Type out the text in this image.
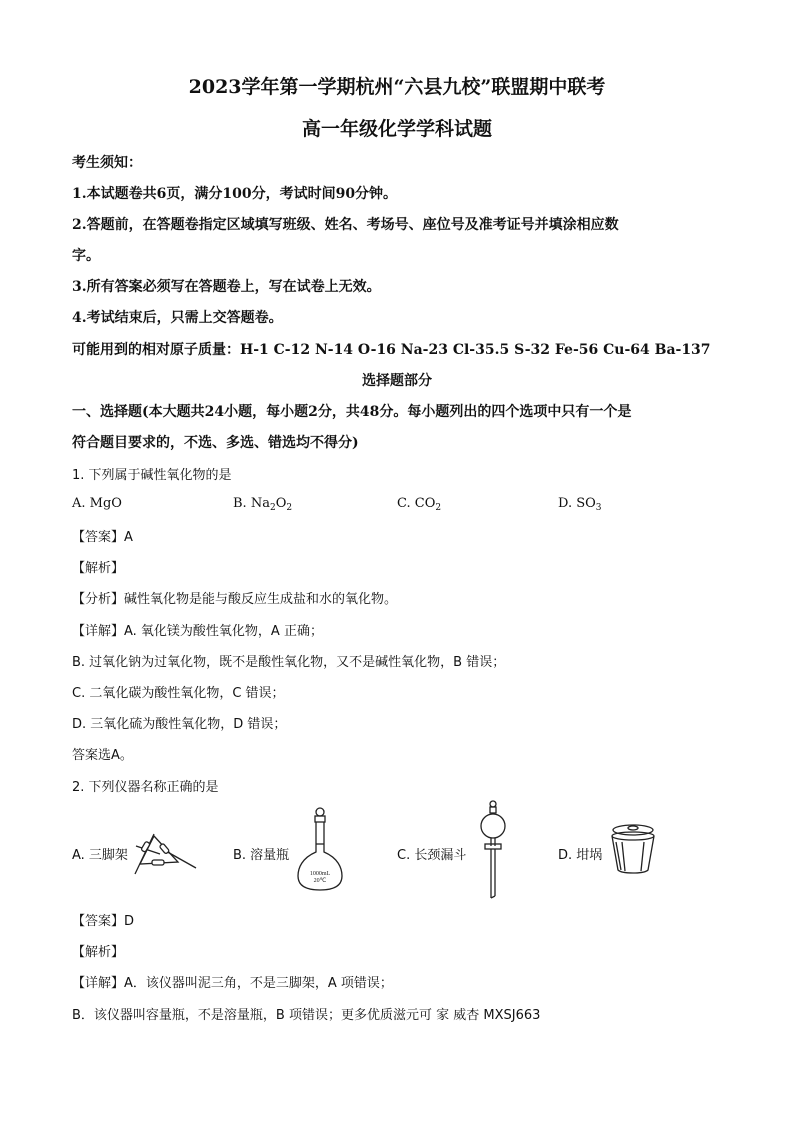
2023学年第一学期杭州“六县九校”联盟期中联考
高一年级化学学科试题
考生须知：
1.本试题卷共6页，满分100分，考试时间90分钟。
2.答题前，在答题卷指定区域填写班级、姓名、考场号、座位号及准考证号并填涂相应数
字。
3.所有答案必须写在答题卷上，写在试卷上无效。
4.考试结束后，只需上交答题卷。
可能用到的相对原子质量：H-1 C-12 N-14 O-16 Na-23 Cl-35.5 S-32 Fe-56 Cu-64 Ba-137
选择题部分
一、选择题(本大题共24小题，每小题2分，共48分。每小题列出的四个选项中只有一个是
符合题目要求的，不选、多选、错选均不得分)
1. 下列属于碱性氧化物的是
A. MgO	B. $Na_2O_2$	C. $CO_2$	D. $SO_3$
【答案】A
【解析】
【分析】碱性氧化物是能与酸反应生成盐和水的氧化物。
【详解】A. 氧化镁为酸性氧化物，A 正确；
B. 过氧化钠为过氧化物，既不是酸性氧化物，又不是碱性氧化物，B 错误；
C. 二氧化碳为酸性氧化物，C 错误；
D. 三氧化硫为酸性氧化物，D 错误；
答案选A。
2. 下列仪器名称正确的是
A. 三脚架	B. 溶量瓶
1000mL
20℃
C. 长颈漏斗	D. 坩埚
【答案】D
【解析】
【详解】A．该仪器叫泥三角，不是三脚架，A 项错误；
B．该仪器叫容量瓶，不是溶量瓶，B 项错误；更多优质滋元可 家 威杏 MXSJ663
